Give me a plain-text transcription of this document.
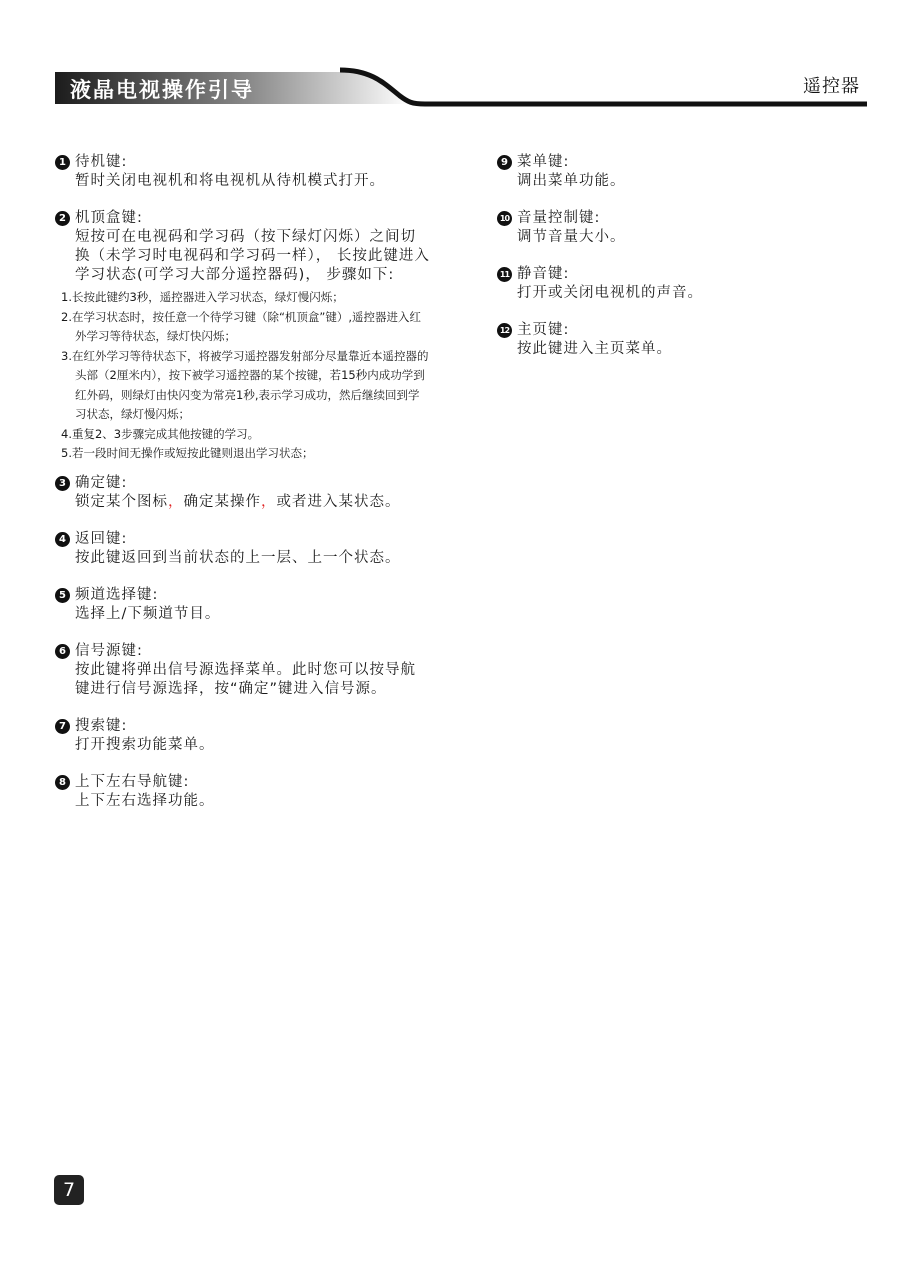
液晶电视操作引导	遥控器
1 待机键:
暂时关闭电视机和将电视机从待机模式打开。
2 机顶盒键:
短按可在电视码和学习码（按下绿灯闪烁）之间切换（未学习时电视码和学习码一样）， 长按此键进入学习状态(可学习大部分遥控器码)， 步骤如下:
1.长按此键约3秒，遥控器进入学习状态，绿灯慢闪烁；
2.在学习状态时，按任意一个待学习键（除“机顶盒”键）,遥控器进入红外学习等待状态，绿灯快闪烁；
3.在红外学习等待状态下，将被学习遥控器发射部分尽量靠近本遥控器的头部（2厘米内），按下被学习遥控器的某个按键，若15秒内成功学到红外码，则绿灯由快闪变为常亮1秒,表示学习成功，然后继续回到学习状态，绿灯慢闪烁；
4.重复2、3步骤完成其他按键的学习。
5.若一段时间无操作或短按此键则退出学习状态；
3 确定键:
锁定某个图标，确定某操作，或者进入某状态。
4 返回键:
按此键返回到当前状态的上一层、上一个状态。
5 频道选择键:
选择上/下频道节目。
6 信号源键:
按此键将弹出信号源选择菜单。此时您可以按导航键进行信号源选择，按“确定”键进入信号源。
7 搜索键:
打开搜索功能菜单。
8 上下左右导航键:
上下左右选择功能。
9 菜单键:
调出菜单功能。
10 音量控制键:
调节音量大小。
11 静音键:
打开或关闭电视机的声音。
12 主页键:
按此键进入主页菜单。
7
